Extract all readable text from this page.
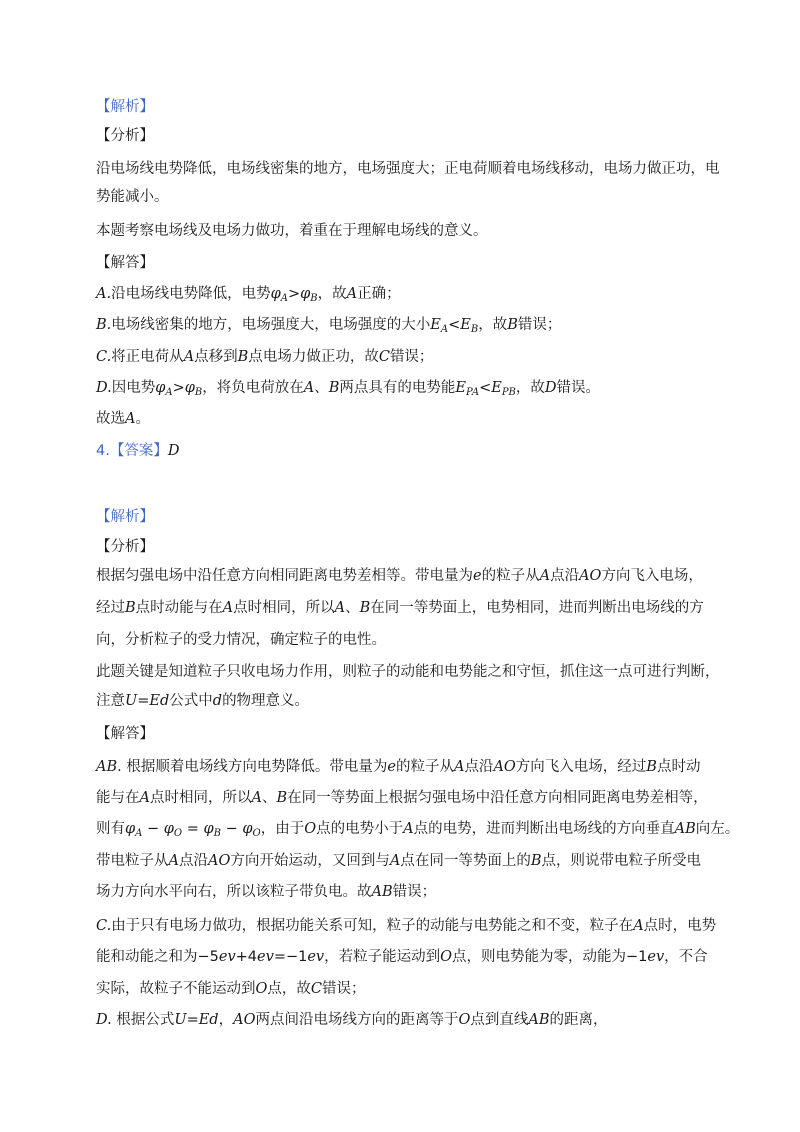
【解析】
【分析】
沿电场线电势降低，电场线密集的地方，电场强度大；正电荷顺着电场线移动，电场力做正功，电
势能减小。
本题考察电场线及电场力做功，着重在于理解电场线的意义。
【解答】
A.沿电场线电势降低，电势$\varphi_A>\varphi_B$，故A正确；
B.电场线密集的地方，电场强度大，电场强度的大小$E_A<E_B$，故B错误；
C.将正电荷从A点移到B点电场力做正功，故C错误；
D.因电势$\varphi_A>\varphi_B$，将负电荷放在A、B两点具有的电势能$E_{PA}<E_{PB}$，故D错误。
故选A。
4.【答案】D
【解析】
【分析】
根据匀强电场中沿任意方向相同距离电势差相等。带电量为e的粒子从A点沿AO方向飞入电场，
经过B点时动能与在A点时相同，所以A、B在同一等势面上，电势相同，进而判断出电场线的方
向，分析粒子的受力情况，确定粒子的电性。
此题关键是知道粒子只收电场力作用，则粒子的动能和电势能之和守恒，抓住这一点可进行判断，
注意U=Ed公式中d的物理意义。
【解答】
AB. 根据顺着电场线方向电势降低。带电量为e的粒子从A点沿AO方向飞入电场，经过B点时动
能与在A点时相同，所以A、B在同一等势面上根据匀强电场中沿任意方向相同距离电势差相等，
则有$\varphi_A - \varphi_O = \varphi_B - \varphi_O$，由于O点的电势小于A点的电势，进而判断出电场线的方向垂直AB向左。
带电粒子从A点沿AO方向开始运动，又回到与A点在同一等势面上的B点，则说带电粒子所受电
场力方向水平向右，所以该粒子带负电。故AB错误；
C.由于只有电场力做功，根据功能关系可知，粒子的动能与电势能之和不变，粒子在A点时，电势
能和动能之和为−5ev+4ev=−1ev，若粒子能运动到O点，则电势能为零，动能为−1ev，不合
实际，故粒子不能运动到O点，故C错误；
D. 根据公式U=Ed，AO两点间沿电场线方向的距离等于O点到直线AB的距离，
